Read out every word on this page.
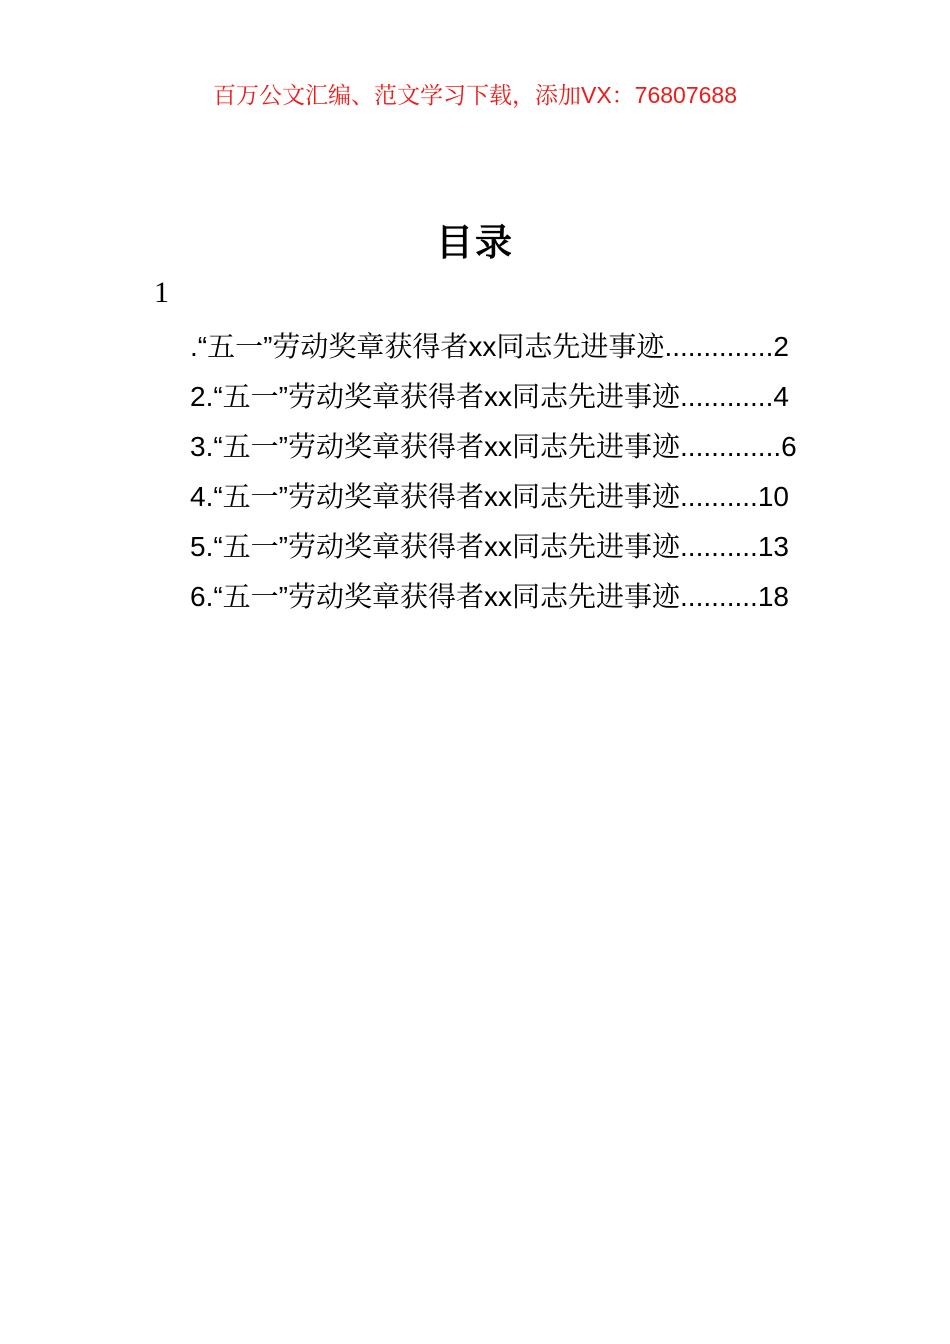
百万公文汇编、范文学习下载，添加VX：76807688
目录
1
.“五一”劳动奖章获得者xx同志先进事迹..............2
2.“五一”劳动奖章获得者xx同志先进事迹............4
3.“五一”劳动奖章获得者xx同志先进事迹.............6
4.“五一”劳动奖章获得者xx同志先进事迹..........10
5.“五一”劳动奖章获得者xx同志先进事迹..........13
6.“五一”劳动奖章获得者xx同志先进事迹..........18
